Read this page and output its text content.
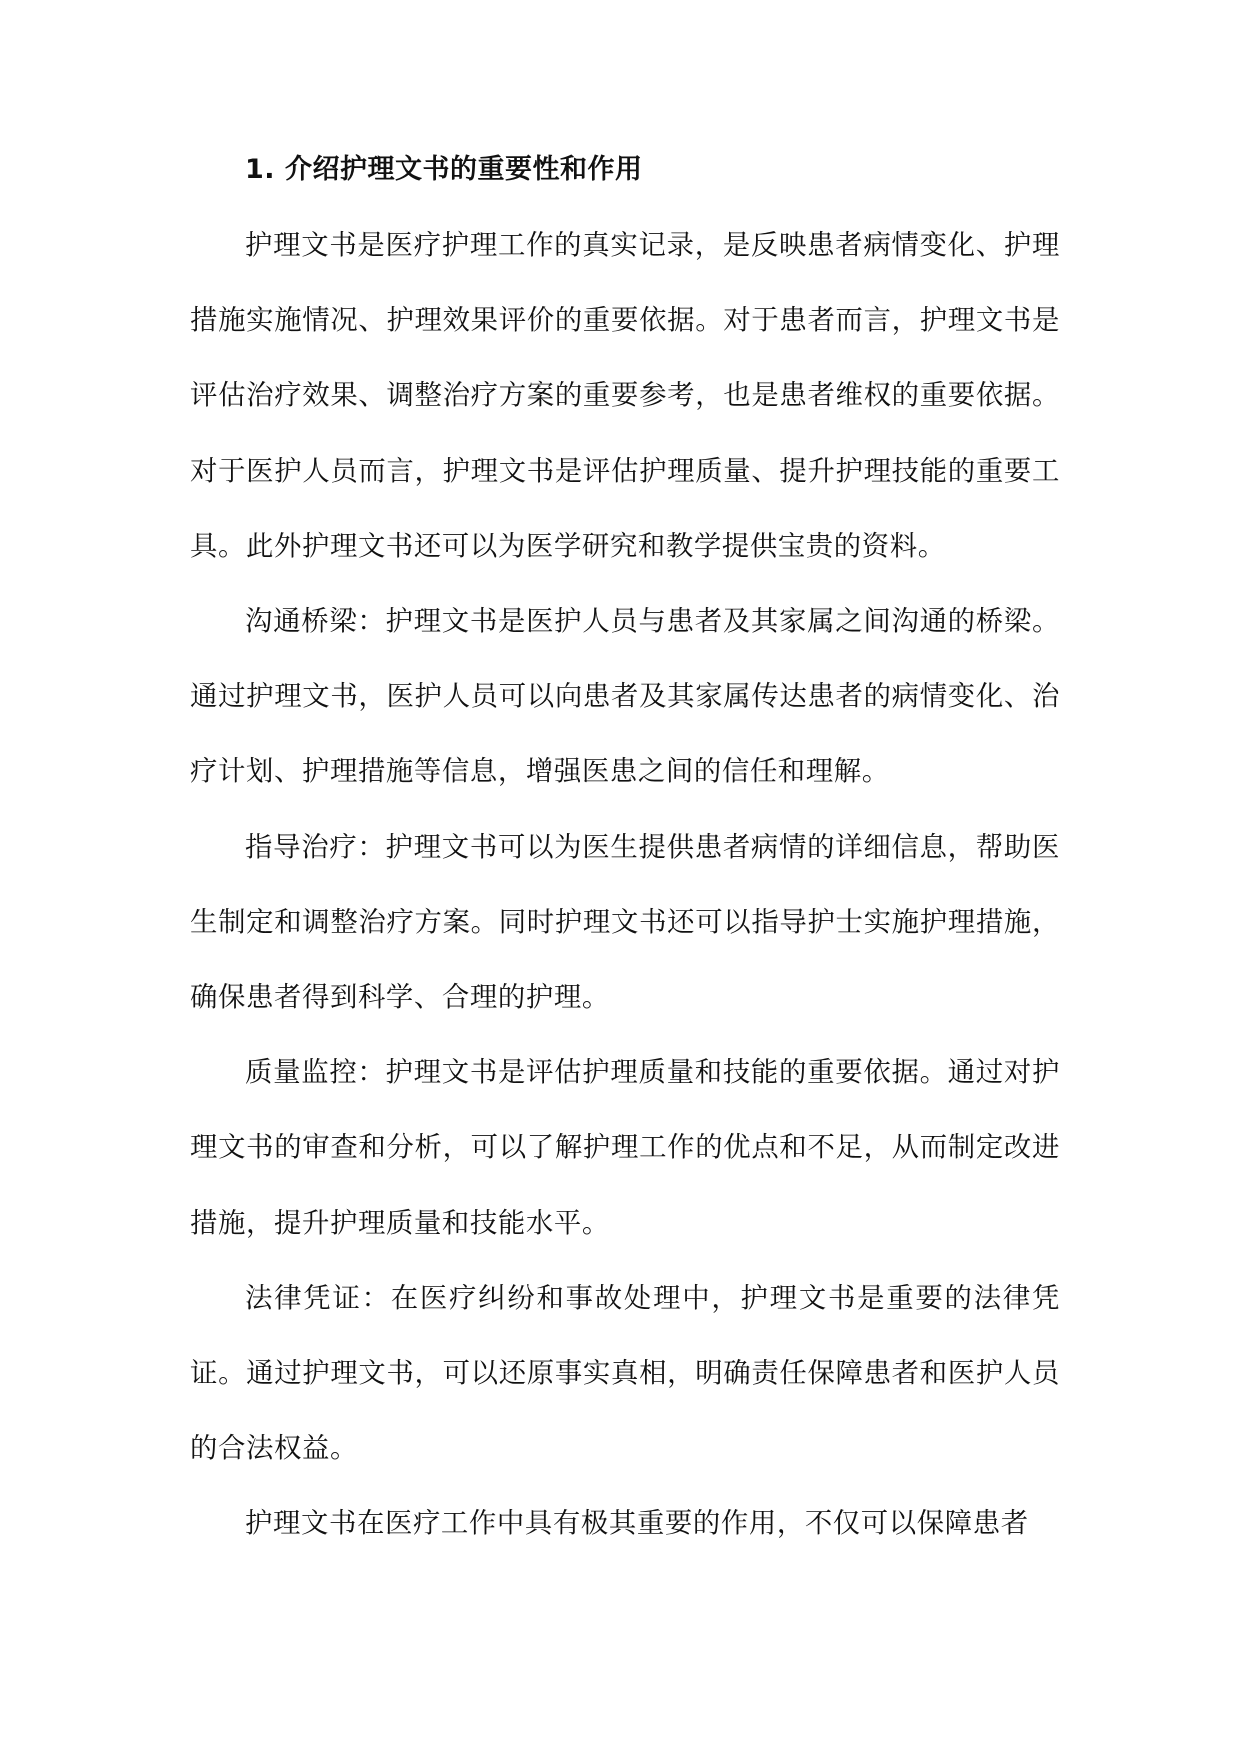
1. 介绍护理文书的重要性和作用

护理文书是医疗护理工作的真实记录，是反映患者病情变化、护理措施实施情况、护理效果评价的重要依据。对于患者而言，护理文书是评估治疗效果、调整治疗方案的重要参考，也是患者维权的重要依据。对于医护人员而言，护理文书是评估护理质量、提升护理技能的重要工具。此外护理文书还可以为医学研究和教学提供宝贵的资料。

沟通桥梁：护理文书是医护人员与患者及其家属之间沟通的桥梁。通过护理文书，医护人员可以向患者及其家属传达患者的病情变化、治疗计划、护理措施等信息，增强医患之间的信任和理解。

指导治疗：护理文书可以为医生提供患者病情的详细信息，帮助医生制定和调整治疗方案。同时护理文书还可以指导护士实施护理措施，确保患者得到科学、合理的护理。

质量监控：护理文书是评估护理质量和技能的重要依据。通过对护理文书的审查和分析，可以了解护理工作的优点和不足，从而制定改进措施，提升护理质量和技能水平。

法律凭证：在医疗纠纷和事故处理中，护理文书是重要的法律凭证。通过护理文书，可以还原事实真相，明确责任保障患者和医护人员的合法权益。

护理文书在医疗工作中具有极其重要的作用，不仅可以保障患者
